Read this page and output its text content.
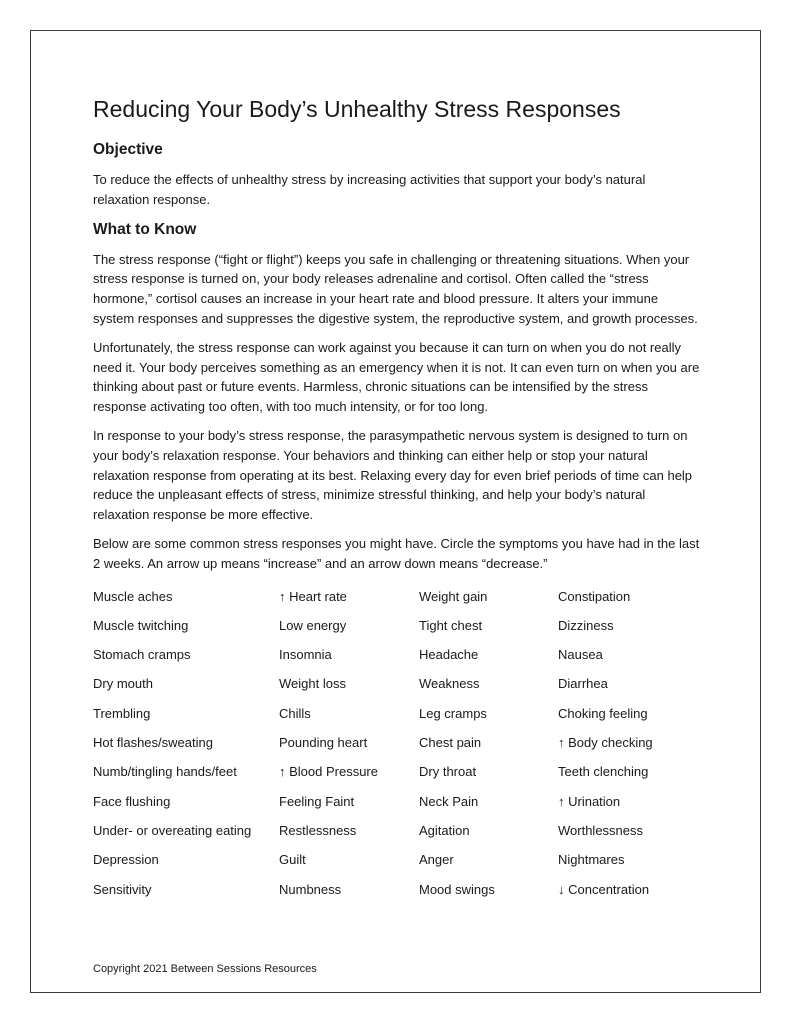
Reducing Your Body’s Unhealthy Stress Responses
Objective

To reduce the effects of unhealthy stress by increasing activities that support your body’s natural relaxation response.

What to Know

The stress response (“fight or flight”) keeps you safe in challenging or threatening situations. When your stress response is turned on, your body releases adrenaline and cortisol. Often called the “stress hormone,” cortisol causes an increase in your heart rate and blood pressure. It alters your immune system responses and suppresses the digestive system, the reproductive system, and growth processes.

Unfortunately, the stress response can work against you because it can turn on when you do not really need it. Your body perceives something as an emergency when it is not. It can even turn on when you are thinking about past or future events. Harmless, chronic situations can be intensified by the stress response activating too often, with too much intensity, or for too long.

In response to your body’s stress response, the parasympathetic nervous system is designed to turn on your body’s relaxation response. Your behaviors and thinking can either help or stop your natural relaxation response from operating at its best. Relaxing every day for even brief periods of time can help reduce the unpleasant effects of stress, minimize stressful thinking, and help your body’s natural relaxation response be more effective.

Below are some common stress responses you might have. Circle the symptoms you have had in the last 2 weeks. An arrow up means “increase” and an arrow down means “decrease.”

Muscle aches	↑ Heart rate	Weight gain	Constipation
Muscle twitching	Low energy	Tight chest	Dizziness
Stomach cramps	Insomnia	Headache	Nausea
Dry mouth	Weight loss	Weakness	Diarrhea
Trembling	Chills	Leg cramps	Choking feeling
Hot flashes/sweating	Pounding heart	Chest pain	↑ Body checking
Numb/tingling hands/feet	↑ Blood Pressure	Dry throat	Teeth clenching
Face flushing	Feeling Faint	Neck Pain	↑ Urination
Under- or overeating eating	Restlessness	Agitation	Worthlessness
Depression	Guilt	Anger	Nightmares
Sensitivity	Numbness	Mood swings	↓ Concentration
Copyright 2021 Between Sessions Resources
